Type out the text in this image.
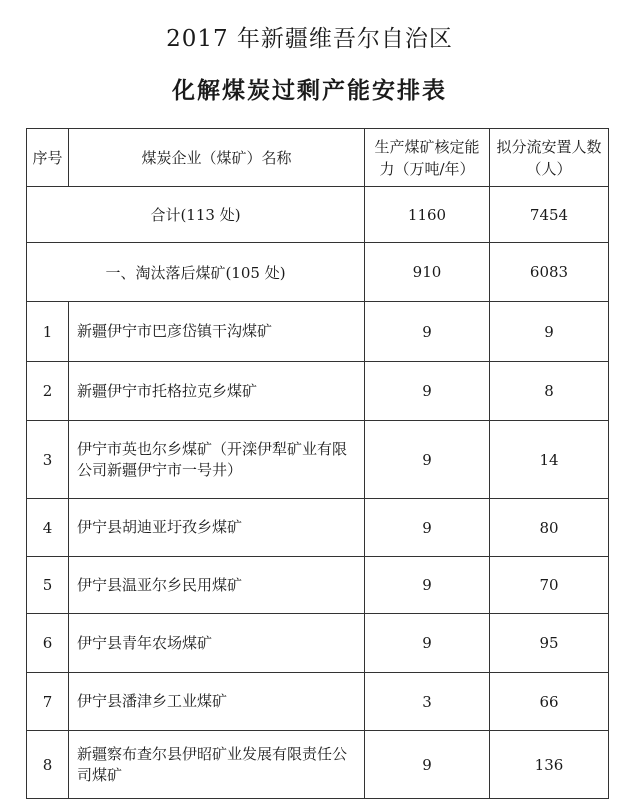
2017 年新疆维吾尔自治区
化解煤炭过剩产能安排表
序号	煤炭企业（煤矿）名称	生产煤矿核定能力（万吨/年）	拟分流安置人数（人）
合计(113 处)		1160	7454
一、淘汰落后煤矿(105 处)		910	6083
1	新疆伊宁市巴彦岱镇干沟煤矿	9	9
2	新疆伊宁市托格拉克乡煤矿	9	8
3	伊宁市英也尔乡煤矿（开滦伊犁矿业有限公司新疆伊宁市一号井）	9	14
4	伊宁县胡迪亚圩孜乡煤矿	9	80
5	伊宁县温亚尔乡民用煤矿	9	70
6	伊宁县青年农场煤矿	9	95
7	伊宁县潘津乡工业煤矿	3	66
8	新疆察布查尔县伊昭矿业发展有限责任公司煤矿	9	136
